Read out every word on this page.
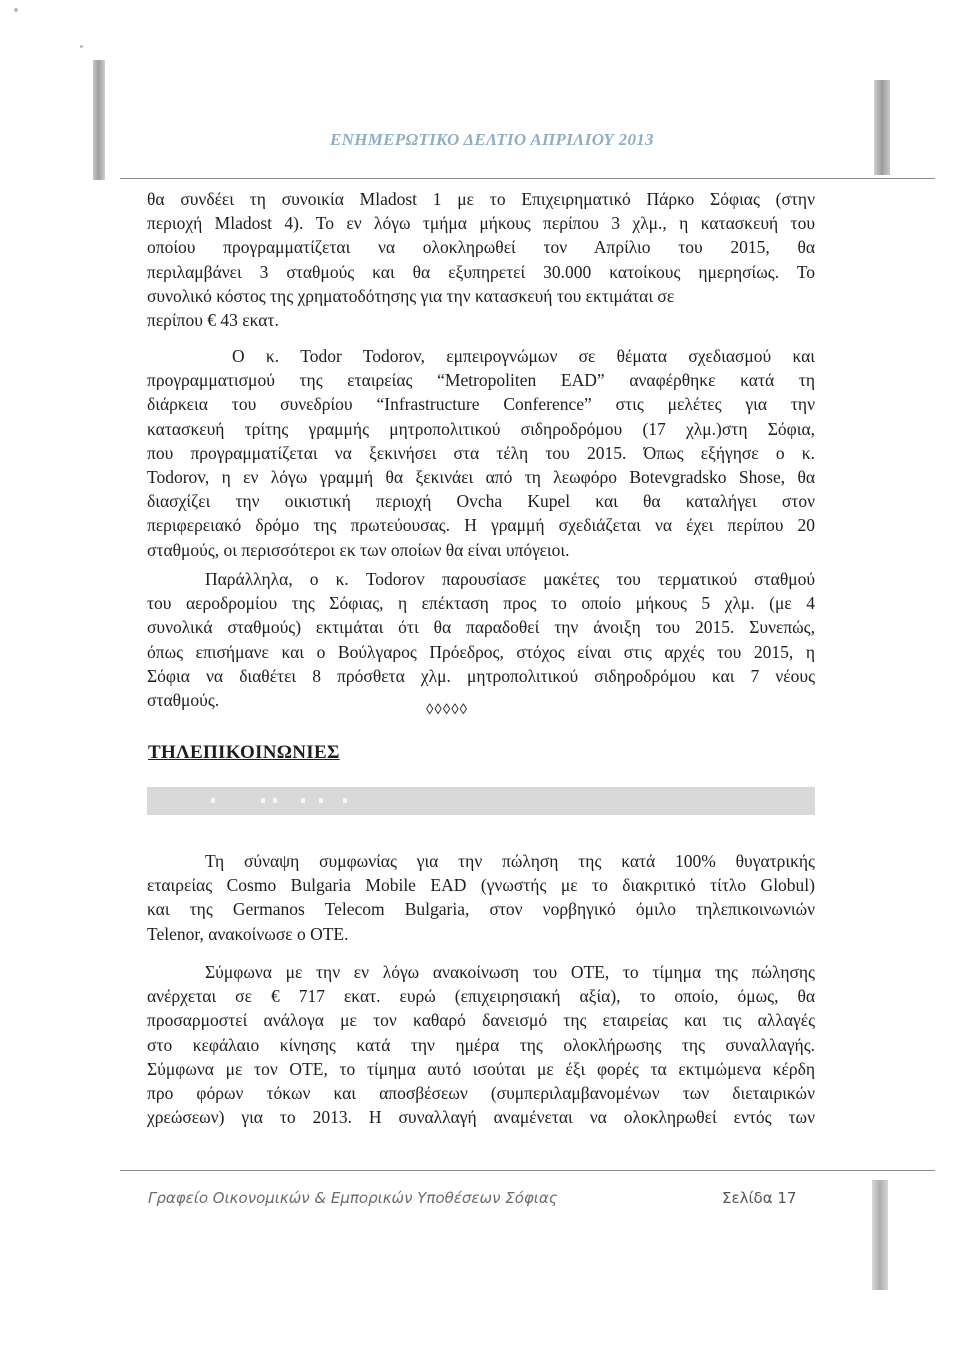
ΕΝΗΜΕΡΩΤΙΚΟ ΔΕΛΤΙΟ ΑΠΡΙΛΙΟΥ 2013
θα συνδέει τη συνοικία Mladost 1 με το Επιχειρηματικό Πάρκο Σόφιας (στην
περιοχή Mladost 4). Το εν λόγω τμήμα μήκους περίπου 3 χλμ., η κατασκευή του
οποίου προγραμματίζεται να ολοκληρωθεί τον Απρίλιο του 2015, θα
περιλαμβάνει 3 σταθμούς και θα εξυπηρετεί 30.000 κατοίκους ημερησίως. Το
συνολικό κόστος της χρηματοδότησης για την κατασκευή του εκτιμάται σε
περίπου € 43 εκατ.
Ο κ. Todor Todorov, εμπειρογνώμων σε θέματα σχεδιασμού και
προγραμματισμού της εταιρείας “Metropoliten EAD” αναφέρθηκε κατά τη
διάρκεια του συνεδρίου “Infrastructure Conference” στις μελέτες για την
κατασκευή τρίτης γραμμής μητροπολιτικού σιδηροδρόμου (17 χλμ.)στη Σόφια,
που προγραμματίζεται να ξεκινήσει στα τέλη του 2015. Όπως εξήγησε ο κ.
Todorov, η εν λόγω γραμμή θα ξεκινάει από τη λεωφόρο Botevgradsko Shose, θα
διασχίζει την οικιστική περιοχή Ovcha Kupel και θα καταλήγει στον
περιφερειακό δρόμο της πρωτεύουσας. Η γραμμή σχεδιάζεται να έχει περίπου 20
σταθμούς, οι περισσότεροι εκ των οποίων θα είναι υπόγειοι.
Παράλληλα, ο κ. Todorov παρουσίασε μακέτες του τερματικού σταθμού
του αεροδρομίου της Σόφιας, η επέκταση προς το οποίο μήκους 5 χλμ. (με 4
συνολικά σταθμούς) εκτιμάται ότι θα παραδοθεί την άνοιξη του 2015. Συνεπώς,
όπως επισήμανε και ο Βούλγαρος Πρόεδρος, στόχος είναι στις αρχές του 2015, η
Σόφια να διαθέτει 8 πρόσθετα χλμ. μητροπολιτικού σιδηροδρόμου και 7 νέους
σταθμούς.	◊◊◊◊◊
ΤΗΛΕΠΙΚΟΙΝΩΝΙΕΣ
Τη σύναψη συμφωνίας για την πώληση της κατά 100% θυγατρικής
εταιρείας Cosmo Bulgaria Mobile EAD (γνωστής με το διακριτικό τίτλο Globul)
και της Germanos Telecom Bulgaria, στον νορβηγικό όμιλο τηλεπικοινωνιών
Telenor, ανακοίνωσε ο ΟΤΕ.
Σύμφωνα με την εν λόγω ανακοίνωση του ΟΤΕ, το τίμημα της πώλησης
ανέρχεται σε € 717 εκατ. ευρώ (επιχειρησιακή αξία), το οποίο, όμως, θα
προσαρμοστεί ανάλογα με τον καθαρό δανεισμό της εταιρείας και τις αλλαγές
στο κεφάλαιο κίνησης κατά την ημέρα της ολοκλήρωσης της συναλλαγής.
Σύμφωνα με τον ΟΤΕ, το τίμημα αυτό ισούται με έξι φορές τα εκτιμώμενα κέρδη
προ φόρων τόκων και αποσβέσεων (συμπεριλαμβανομένων των διεταιρικών
χρεώσεων) για το 2013. Η συναλλαγή αναμένεται να ολοκληρωθεί εντός των
Γραφείο Οικονομικών & Εμπορικών Υποθέσεων Σόφιας	Σελίδα 17
